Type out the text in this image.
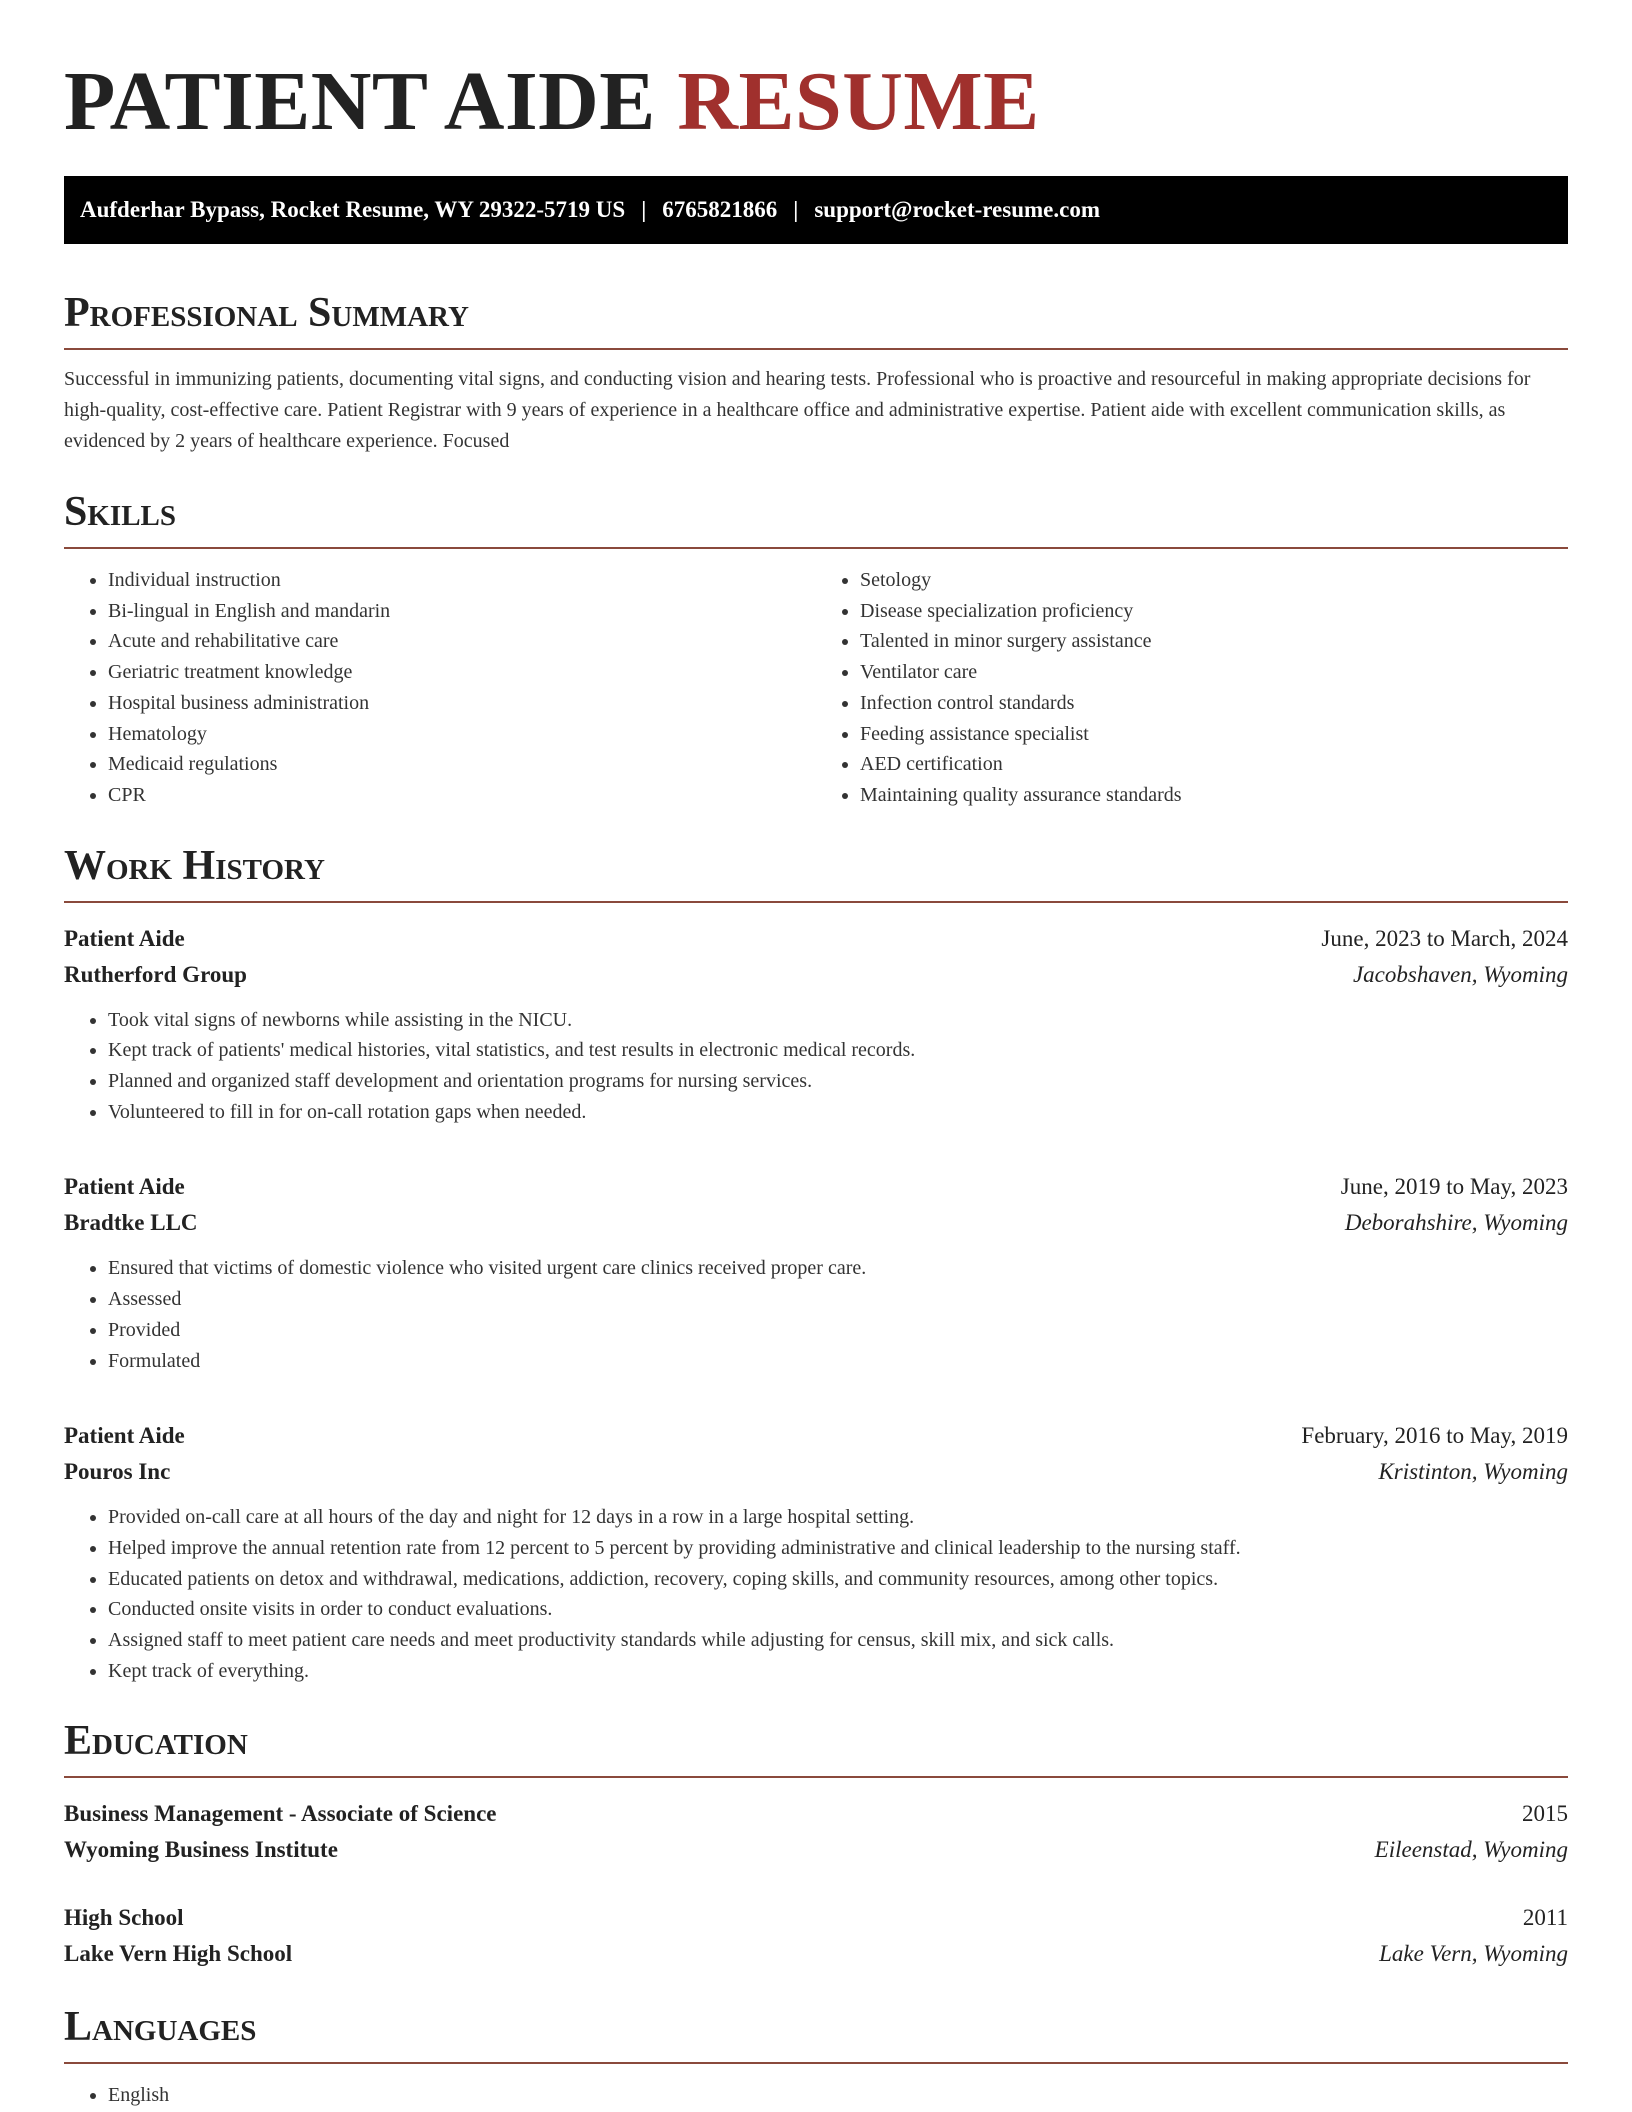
PATIENT AIDE RESUME
Aufderhar Bypass, Rocket Resume, WY 29322-5719 US | 6765821866 | support@rocket-resume.com
Professional Summary

Successful in immunizing patients, documenting vital signs, and conducting vision and hearing tests. Professional who is proactive and resourceful in making appropriate decisions for high-quality, cost-effective care. Patient Registrar with 9 years of experience in a healthcare office and administrative expertise. Patient aide with excellent communication skills, as evidenced by 2 years of healthcare experience. Focused

Skills
• Individual instruction
• Bi-lingual in English and mandarin
• Acute and rehabilitative care
• Geriatric treatment knowledge
• Hospital business administration
• Hematology
• Medicaid regulations
• CPR
• Setology
• Disease specialization proficiency
• Talented in minor surgery assistance
• Ventilator care
• Infection control standards
• Feeding assistance specialist
• AED certification
• Maintaining quality assurance standards
Work History
Patient Aide	June, 2023 to March, 2024
Rutherford Group	Jacobshaven, Wyoming
• Took vital signs of newborns while assisting in the NICU.
• Kept track of patients' medical histories, vital statistics, and test results in electronic medical records.
• Planned and organized staff development and orientation programs for nursing services.
• Volunteered to fill in for on-call rotation gaps when needed.
Patient Aide	June, 2019 to May, 2023
Bradtke LLC	Deborahshire, Wyoming
• Ensured that victims of domestic violence who visited urgent care clinics received proper care.
• Assessed
• Provided
• Formulated
Patient Aide	February, 2016 to May, 2019
Pouros Inc	Kristinton, Wyoming
• Provided on-call care at all hours of the day and night for 12 days in a row in a large hospital setting.
• Helped improve the annual retention rate from 12 percent to 5 percent by providing administrative and clinical leadership to the nursing staff.
• Educated patients on detox and withdrawal, medications, addiction, recovery, coping skills, and community resources, among other topics.
• Conducted onsite visits in order to conduct evaluations.
• Assigned staff to meet patient care needs and meet productivity standards while adjusting for census, skill mix, and sick calls.
• Kept track of everything.
Education
Business Management - Associate of Science	2015
Wyoming Business Institute	Eileenstad, Wyoming
High School	2011
Lake Vern High School	Lake Vern, Wyoming
Languages
• English
